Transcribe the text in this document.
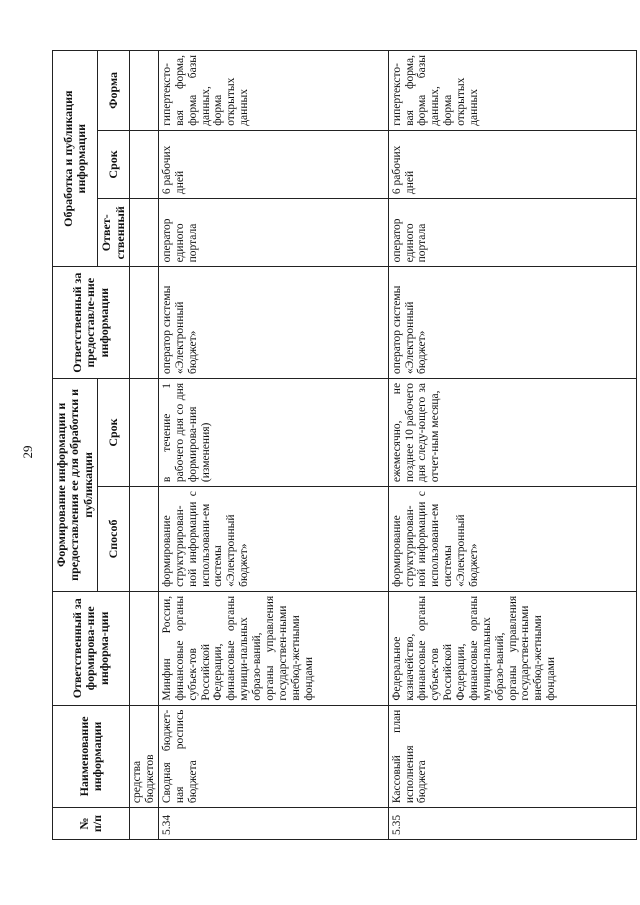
29
№ п/п	Наименование информации	Ответственный за формирова-ние информа-ции	Формирование информации и предоставления ее для обработки и публикации		Ответственный за предоставле-ние информации	Обработка и публикация информации		
			Способ	Срок		Ответ-ственный	Срок	Форма
	средства бюджетов							
5.34	Сводная бюджет-ная роспись бюджета	Минфин России, финансовые органы субъек-тов Российской Федерации, финансовые органы муници-пальных образо-ваний, органы управления государствен-ными внебюд-жетными фондами	формирование структурирован-ной информации с использовани-ем системы «Электронный бюджет»	в течение 1 рабочего дня со дня формирова-ния (изменения)	оператор системы «Электронный бюджет»	оператор единого портала	6 рабочих дней	гипертексто-вая форма, форма базы данных, форма открытых данных
5.35	Кассовый план исполнения бюджета	Федеральное казначейство, финансовые органы субъек-тов Российской Федерации, финансовые органы муници-пальных образо-ваний, органы управления государствен-ными внебюд-жетными фондами	формирование структурирован-ной информации с использовани-ем системы «Электронный бюджет»	ежемесячно, не позднее 10 рабочего дня следу-ющего за отчет-ным месяца,	оператор системы «Электронный бюджет»	оператор единого портала	6 рабочих дней	гипертексто-вая форма, форма базы данных, форма открытых данных
